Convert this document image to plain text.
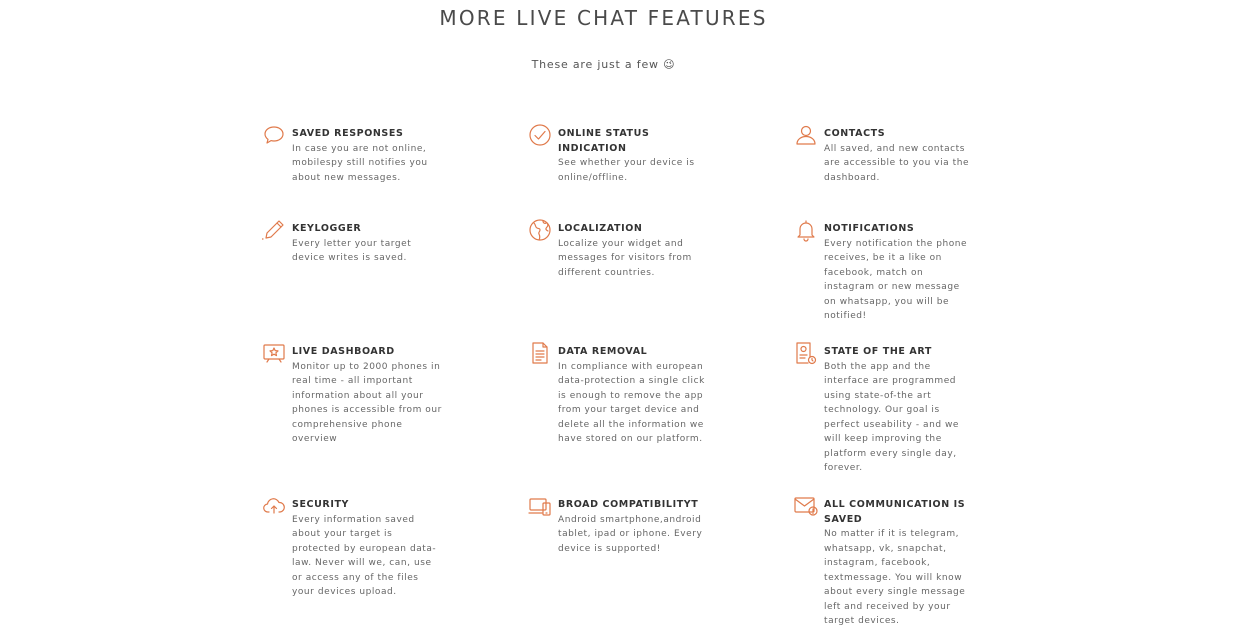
MORE LIVE CHAT FEATURES
These are just a few 😉
SAVED RESPONSES
In case you are not online, mobilespy still notifies you about new messages.
ONLINE STATUS INDICATION
See whether your device is online/offline.
CONTACTS
All saved, and new contacts are accessible to you via the dashboard.
KEYLOGGER
Every letter your target device writes is saved.
LOCALIZATION
Localize your widget and messages for visitors from different countries.
NOTIFICATIONS
Every notification the phone receives, be it a like on facebook, match on instagram or new message on whatsapp, you will be notified!
LIVE DASHBOARD
Monitor up to 2000 phones in real time - all important information about all your phones is accessible from our comprehensive phone overview
DATA REMOVAL
In compliance with european data-protection a single click is enough to remove the app from your target device and delete all the information we have stored on our platform.
STATE OF THE ART
Both the app and the interface are programmed using state-of-the art technology. Our goal is perfect useability - and we will keep improving the platform every single day, forever.
SECURITY
Every information saved about your target is protected by european data-law. Never will we, can, use or access any of the files your devices upload.
BROAD COMPATIBILITYT
Android smartphone,android tablet, ipad or iphone. Every device is supported!
ALL COMMUNICATION IS SAVED
No matter if it is telegram, whatsapp, vk, snapchat, instagram, facebook, textmessage. You will know about every single message left and received by your target devices.
